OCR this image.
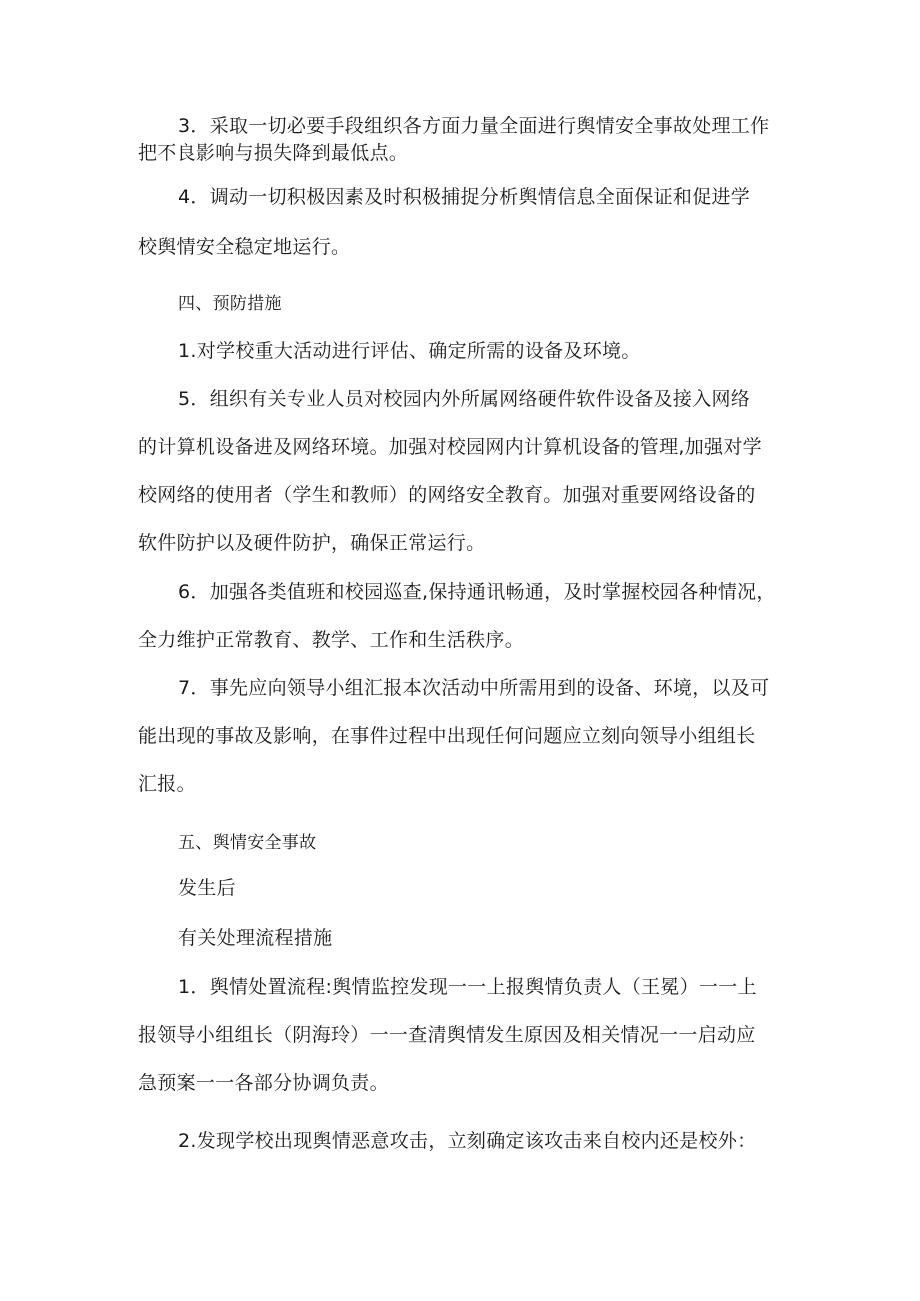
3．采取一切必要手段组织各方面力量全面进行舆情安全事故处理工作
把不良影响与损失降到最低点。
4．调动一切积极因素及时积极捕捉分析舆情信息全面保证和促进学
校舆情安全稳定地运行。
四、预防措施
1.对学校重大活动进行评估、确定所需的设备及环境。
5．组织有关专业人员对校园内外所属网络硬件软件设备及接入网络
的计算机设备进及网络环境。加强对校园网内计算机设备的管理,加强对学
校网络的使用者（学生和教师）的网络安全教育。加强对重要网络设备的
软件防护以及硬件防护，确保正常运行。
6．加强各类值班和校园巡查,保持通讯畅通，及时掌握校园各种情况，
全力维护正常教育、教学、工作和生活秩序。
7．事先应向领导小组汇报本次活动中所需用到的设备、环境，以及可
能出现的事故及影响，在事件过程中出现任何问题应立刻向领导小组组长
汇报。
五、舆情安全事故
发生后
有关处理流程措施
1．舆情处置流程:舆情监控发现一一上报舆情负责人（王冕）一一上
报领导小组组长（阴海玲）一一查清舆情发生原因及相关情况一一启动应
急预案一一各部分协调负责。
2.发现学校出现舆情恶意攻击，立刻确定该攻击来自校内还是校外：
